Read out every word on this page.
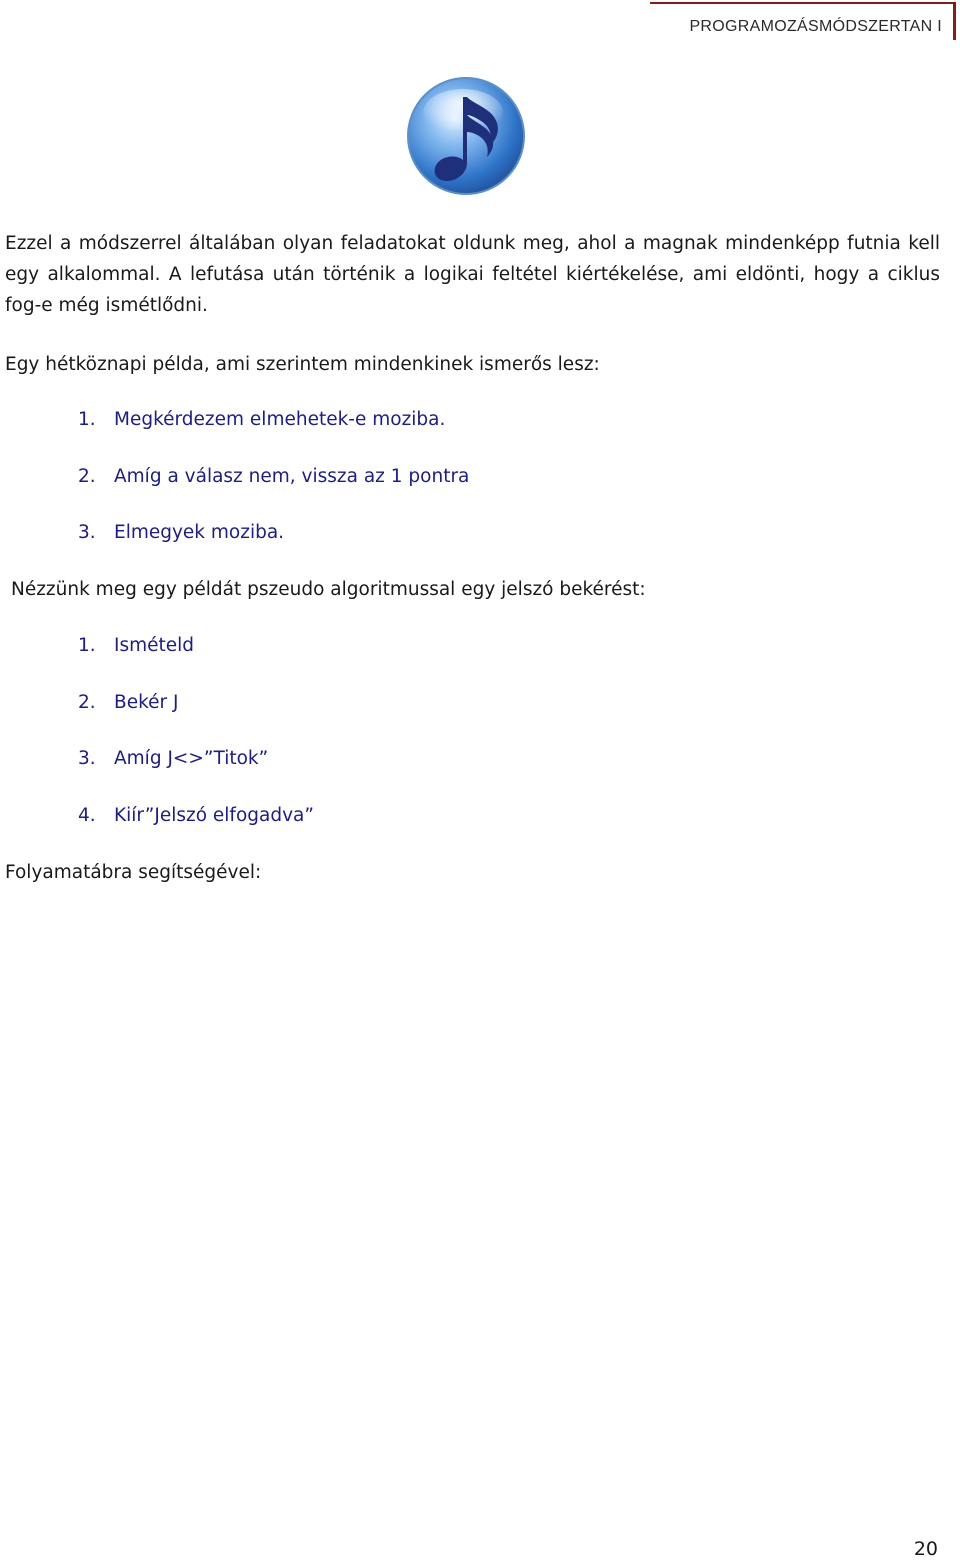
PROGRAMOZÁSMÓDSZERTAN I

Ezzel a módszerrel általában olyan feladatokat oldunk meg, ahol a magnak mindenképp futnia kell egy alkalommal. A lefutása után történik a logikai feltétel kiértékelése, ami eldönti, hogy a ciklus fog-e még ismétlődni.

Egy hétköznapi példa, ami szerintem mindenkinek ismerős lesz:

1. Megkérdezem elmehetek-e moziba.
2. Amíg a válasz nem, vissza az 1 pontra
3. Elmegyek moziba.

Nézzünk meg egy példát pszeudo algoritmussal egy jelszó bekérést:

1. Ismételd
2. Bekér J
3. Amíg J<>”Titok”
4. Kiír”Jelszó elfogadva”

Folyamatábra segítségével:

20
